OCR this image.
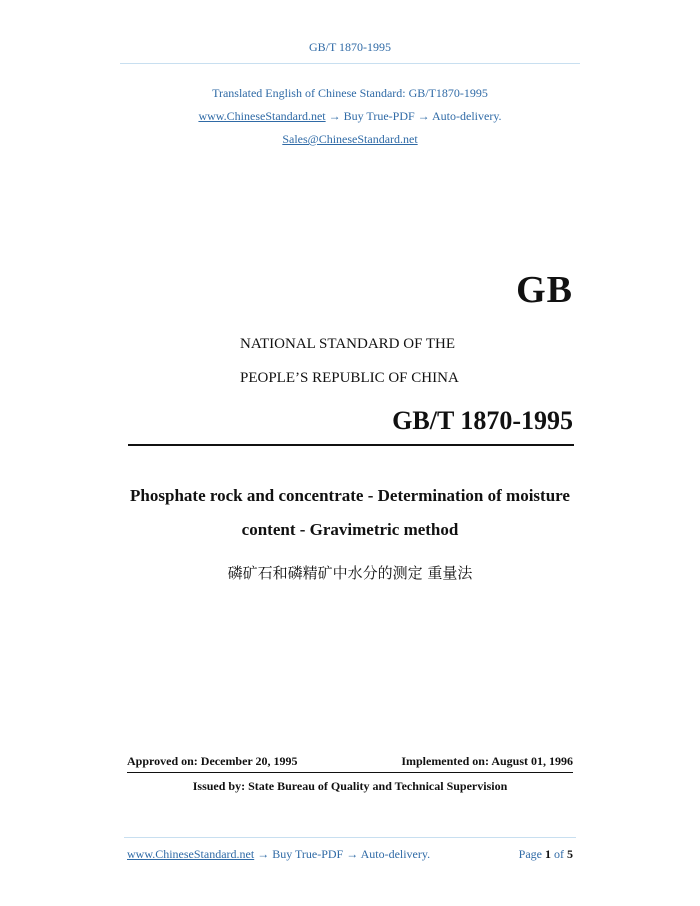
GB/T 1870-1995
Translated English of Chinese Standard: GB/T1870-1995
www.ChineseStandard.net → Buy True-PDF → Auto-delivery.
Sales@ChineseStandard.net
GB
NATIONAL STANDARD OF THE
PEOPLE’S REPUBLIC OF CHINA
GB/T 1870-1995
Phosphate rock and concentrate - Determination of moisture
content - Gravimetric method
磷矿石和磷精矿中水分的测定 重量法
Approved on: December 20, 1995	Implemented on: August 01, 1996
Issued by: State Bureau of Quality and Technical Supervision
www.ChineseStandard.net → Buy True-PDF → Auto-delivery.	Page 1 of 5
